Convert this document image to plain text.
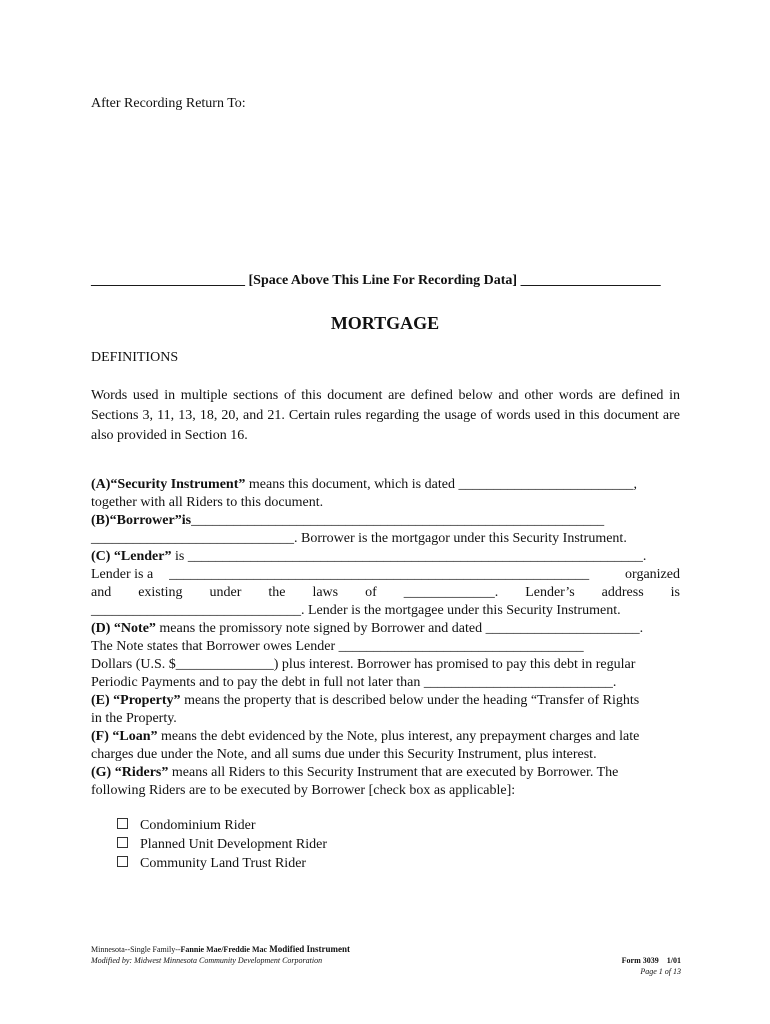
After Recording Return To:
______________________ [Space Above This Line For Recording Data] ____________________
MORTGAGE
DEFINITIONS
Words used in multiple sections of this document are defined below and other words are defined in Sections 3, 11, 13, 18, 20, and 21. Certain rules regarding the usage of words used in this document are also provided in Section 16.
(A)“Security Instrument” means this document, which is dated _________________________,
together with all Riders to this document.
(B)“Borrower”is___________________________________________________________
_____________________________. Borrower is the mortgagor under this Security Instrument.
(C) “Lender” is _________________________________________________________________.
Lender is a ____________________________________________________________	organized
and existing under the laws of _____________. Lender’s address is
______________________________. Lender is the mortgagee under this Security Instrument.
(D) “Note” means the promissory note signed by Borrower and dated ______________________.
The Note states that Borrower owes Lender ___________________________________
Dollars (U.S. $______________) plus interest. Borrower has promised to pay this debt in regular
Periodic Payments and to pay the debt in full not later than ___________________________.
(E) “Property” means the property that is described below under the heading “Transfer of Rights
in the Property.
(F) “Loan” means the debt evidenced by the Note, plus interest, any prepayment charges and late
charges due under the Note, and all sums due under this Security Instrument, plus interest.
(G) “Riders” means all Riders to this Security Instrument that are executed by Borrower. The
following Riders are to be executed by Borrower [check box as applicable]:
Condominium Rider
Planned Unit Development Rider
Community Land Trust Rider
Minnesota--Single Family--Fannie Mae/Freddie Mac Modified Instrument
Modified by: Midwest Minnesota Community Development Corporation	Form 3039 1/01
Page 1 of 13
